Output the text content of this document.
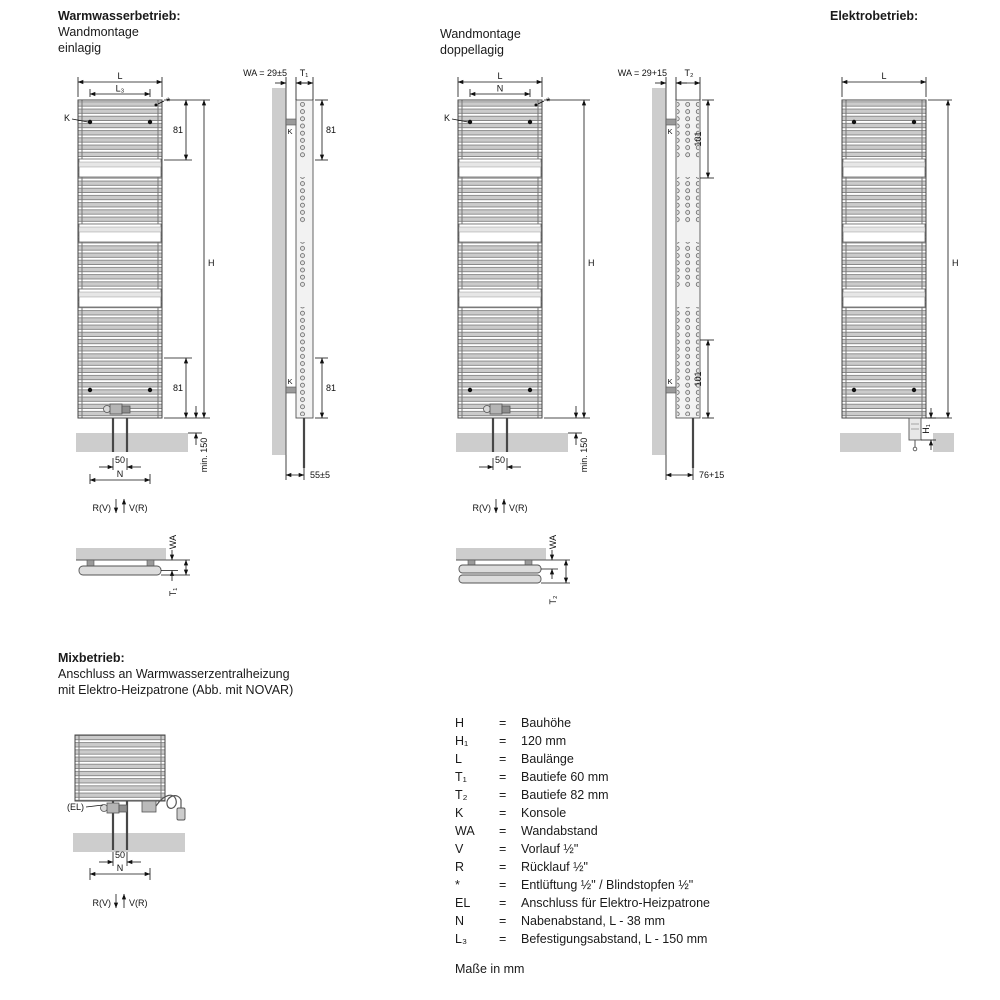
Warmwasserbetrieb:
Wandmontage
einlagig
Wandmontage
doppellagig
Elektrobetrieb:
Mixbetrieb:
Anschluss an Warmwasserzentralheizung
mit Elektro-Heizpatrone (Abb. mit NOVAR)
L
L₃
K
*
81
H
81
min. 150
50
N
R(V) V(R)
WA
T₁
K
K
WA = 29±5 T₁
81
81
55±5
L
N
K
*
H
min. 150
50
R(V) V(R)
WA
T₂
K
K
WA = 29+15 T₂
101
101
76+15
L
H
H₁
(EL)
50
N
R(V) V(R)
H	=	Bauhöhe
H₁	=	120 mm
L	=	Baulänge
T₁	=	Bautiefe 60 mm
T₂	=	Bautiefe 82 mm
K	=	Konsole
WA	=	Wandabstand
V	=	Vorlauf ½"
R	=	Rücklauf ½"
*	=	Entlüftung ½" / Blindstopfen ½"
EL	=	Anschluss für Elektro-Heizpatrone
N	=	Nabenabstand, L - 38 mm
L₃	=	Befestigungsabstand, L - 150 mm
Maße in mm
